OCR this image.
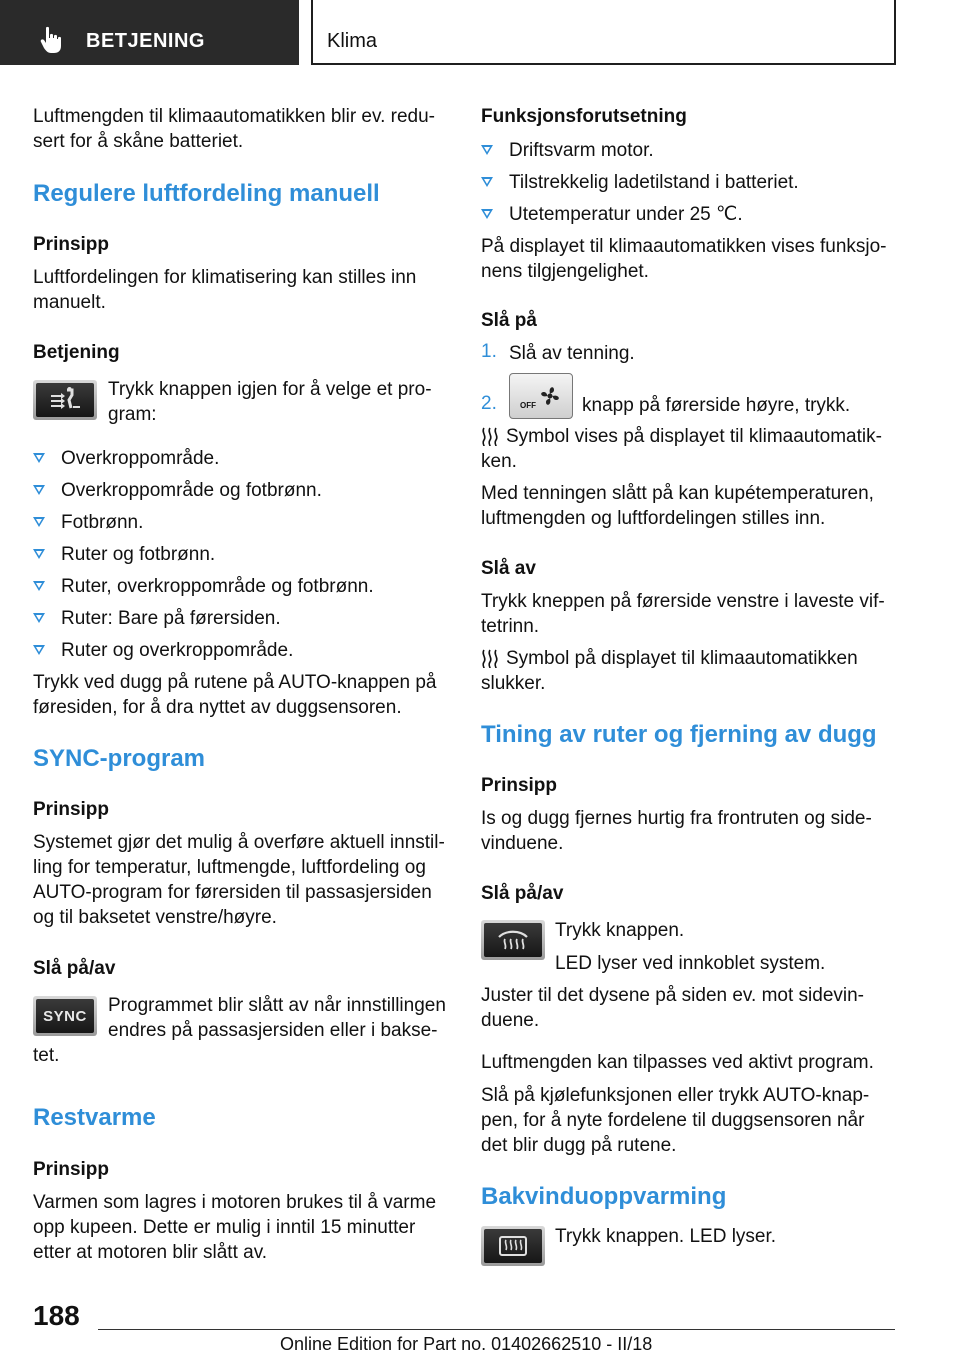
BETJENING	Klima
Luftmengden til klimaautomatikken blir ev. redu-
sert for å skåne batteriet.
Regulere luftfordeling manuell
Prinsipp
Luftfordelingen for klimatisering kan stilles inn
manuelt.
Betjening
Trykk knappen igjen for å velge et pro-
gram:
Overkroppområde.
Overkroppområde og fotbrønn.
Fotbrønn.
Ruter og fotbrønn.
Ruter, overkroppområde og fotbrønn.
Ruter: Bare på førersiden.
Ruter og overkroppområde.
Trykk ved dugg på rutene på AUTO-knappen på
føresiden, for å dra nyttet av duggsensoren.
SYNC-program
Prinsipp
Systemet gjør det mulig å overføre aktuell innstil-
ling for temperatur, luftmengde, luftfordeling og
AUTO-program for førersiden til passasjersiden
og til baksetet venstre/høyre.
Slå på/av
SYNC Programmet blir slått av når innstillingen
endres på passasjersiden eller i bakse-
tet.
Restvarme
Prinsipp
Varmen som lagres i motoren brukes til å varme
opp kupeen. Dette er mulig i inntil 15 minutter
etter at motoren blir slått av.
Funksjonsforutsetning
Driftsvarm motor.
Tilstrekkelig ladetilstand i batteriet.
Utetemperatur under 25 ℃.
På displayet til klimaautomatikken vises funksjo-
nens tilgjengelighet.
Slå på
1. Slå av tenning.
2.	OFF knapp på førerside høyre, trykk.
Symbol vises på displayet til klimaautomatik-
ken.
Med tenningen slått på kan kupétemperaturen,
luftmengden og luftfordelingen stilles inn.
Slå av
Trykk kneppen på førerside venstre i laveste vif-
tetrinn.
Symbol på displayet til klimaautomatikken
slukker.
Tining av ruter og fjerning av dugg
Prinsipp
Is og dugg fjernes hurtig fra frontruten og side-
vinduene.
Slå på/av
Trykk knappen.
LED lyser ved innkoblet system.
Juster til det dysene på siden ev. mot sidevin-
duene.
Luftmengden kan tilpasses ved aktivt program.
Slå på kjølefunksjonen eller trykk AUTO-knap-
pen, for å nyte fordelene til duggsensoren når
det blir dugg på rutene.
Bakvinduoppvarming
Trykk knappen. LED lyser.
188
Online Edition for Part no. 01402662510 - II/18
